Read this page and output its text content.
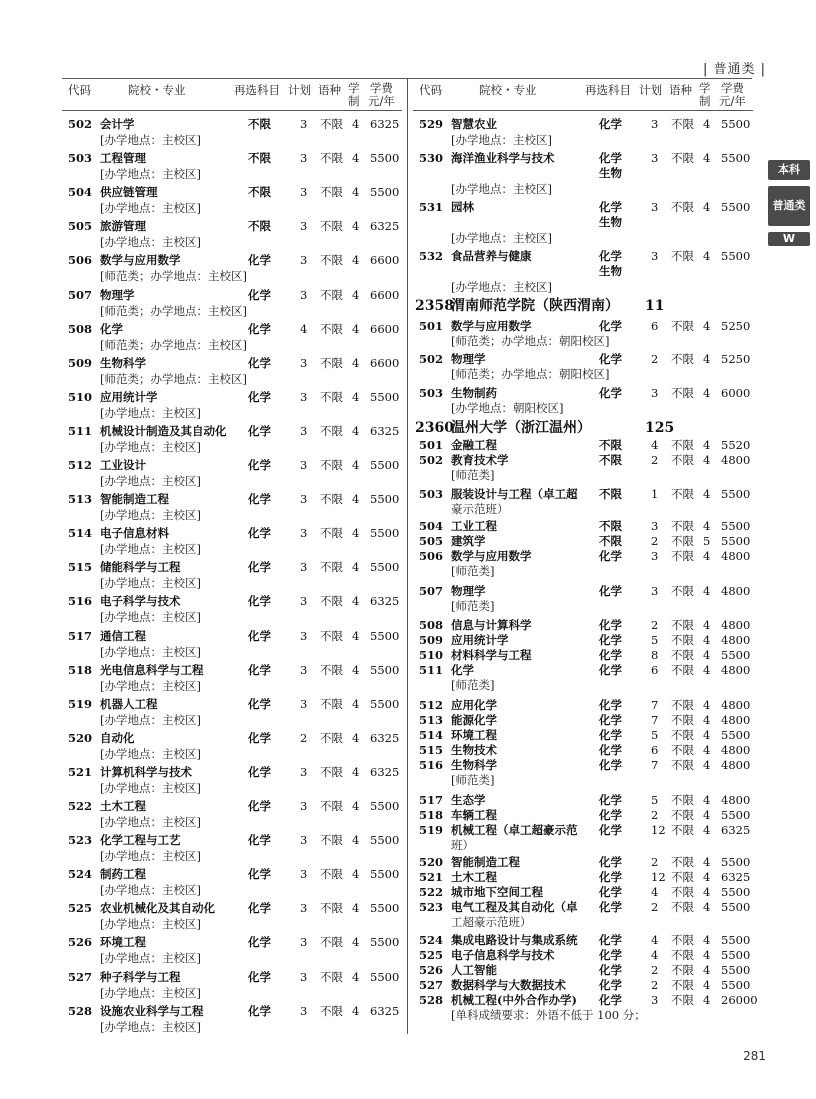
| 普通类 |
本科
普通类
W
代码	院校・专业	再选科目 计划 语种 学
制
学费
元/年
502 会计学	不限	3 不限 4 6325
[办学地点：主校区]
503 工程管理	不限	3 不限 4 5500
[办学地点：主校区]
504 供应链管理	不限	3 不限 4 5500
[办学地点：主校区]
505 旅游管理	不限	3 不限 4 6325
[办学地点：主校区]
506 数学与应用数学	化学	3 不限 4 6600
[师范类；办学地点：主校区]
507 物理学	化学	3 不限 4 6600
[师范类；办学地点：主校区]
508 化学	化学	4 不限 4 6600
[师范类；办学地点：主校区]
509 生物科学	化学	3 不限 4 6600
[师范类；办学地点：主校区]
510 应用统计学	化学	3 不限 4 5500
[办学地点：主校区]
511 机械设计制造及其自动化 化学	3 不限 4 6325
[办学地点：主校区]
512 工业设计	化学	3 不限 4 5500
[办学地点：主校区]
513 智能制造工程	化学	3 不限 4 5500
[办学地点：主校区]
514 电子信息材料	化学	3 不限 4 5500
[办学地点：主校区]
515 储能科学与工程	化学	3 不限 4 5500
[办学地点：主校区]
516 电子科学与技术	化学	3 不限 4 6325
[办学地点：主校区]
517 通信工程	化学	3 不限 4 5500
[办学地点：主校区]
518 光电信息科学与工程	化学	3 不限 4 5500
[办学地点：主校区]
519 机器人工程	化学	3 不限 4 5500
[办学地点：主校区]
520 自动化	化学	2 不限 4 6325
[办学地点：主校区]
521 计算机科学与技术	化学	3 不限 4 6325
[办学地点：主校区]
522 土木工程	化学	3 不限 4 5500
[办学地点：主校区]
523 化学工程与工艺	化学	3 不限 4 5500
[办学地点：主校区]
524 制药工程	化学	3 不限 4 5500
[办学地点：主校区]
525 农业机械化及其自动化	化学	3 不限 4 5500
[办学地点：主校区]
526 环境工程	化学	3 不限 4 5500
[办学地点：主校区]
527 种子科学与工程	化学	3 不限 4 5500
[办学地点：主校区]
528 设施农业科学与工程	化学	3 不限 4 6325
[办学地点：主校区]
代码	院校・专业	再选科目 计划 语种 学
制
学费
元/年
529 智慧农业	化学	3 不限 4 5500
[办学地点：主校区]
530 海洋渔业科学与技术	化学
生物
3 不限 4 5500
[办学地点：主校区]
531 园林	化学
生物
3 不限 4 5500
[办学地点：主校区]
532 食品营养与健康	化学
生物
3 不限 4 5500
[办学地点：主校区]
2358
渭南师范学院（陕西渭南） 11
501 数学与应用数学	化学	6 不限 4 5250
[师范类；办学地点：朝阳校区]
502 物理学	化学	2 不限 4 5250
[师范类；办学地点：朝阳校区]
503 生物制药	化学	3 不限 4 6000
[办学地点：朝阳校区]
2360
温州大学（浙江温州）	125
501 金融工程	不限	4 不限 4 5520
502 教育技术学	不限	2 不限 4 4800
[师范类]
503 服装设计与工程（卓工超 不限	1 不限 4 5500
豪示范班）
504 工业工程	不限	3 不限 4 5500
505 建筑学	不限	2 不限 5 5500
506 数学与应用数学	化学	3 不限 4 4800
[师范类]
507 物理学	化学	3 不限 4 4800
[师范类]
508 信息与计算科学	化学	2 不限 4 4800
509 应用统计学	化学	5 不限 4 4800
510 材料科学与工程	化学	8 不限 4 5500
511 化学	化学	6 不限 4 4800
[师范类]
512 应用化学	化学	7 不限 4 4800
513 能源化学	化学	7 不限 4 4800
514 环境工程	化学	5 不限 4 5500
515 生物技术	化学	6 不限 4 4800
516 生物科学	化学	7 不限 4 4800
[师范类]
517 生态学	化学	5 不限 4 4800
518 车辆工程	化学	2 不限 4 5500
519 机械工程（卓工超豪示范 化学	12 不限 4 6325
班）
520 智能制造工程	化学	2 不限 4 5500
521 土木工程	化学	12 不限 4 6325
522 城市地下空间工程	化学	4 不限 4 5500
523 电气工程及其自动化（卓 化学	2 不限 4 5500
工超豪示范班）
524 集成电路设计与集成系统 化学	4 不限 4 5500
525 电子信息科学与技术	化学	4 不限 4 5500
526 人工智能	化学	2 不限 4 5500
527 数据科学与大数据技术	化学	2 不限 4 5500
528 机械工程(中外合作办学) 化学	3 不限 4 26000
[单科成绩要求：外语不低于 100 分；
281
